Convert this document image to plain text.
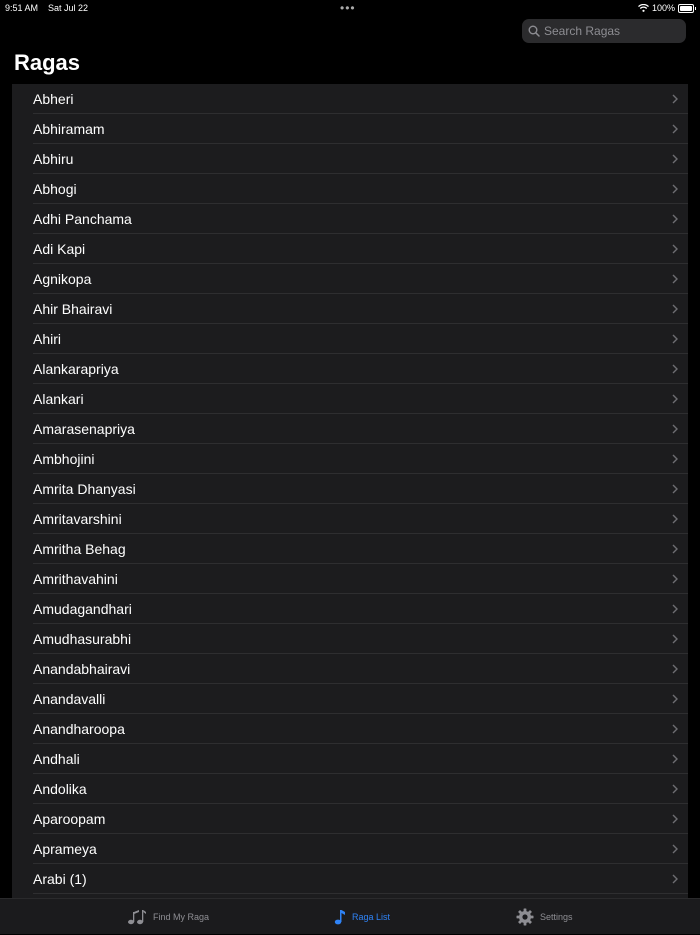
9:51 AM Sat Jul 22	•••	100%
Search Ragas
Ragas
Abheri
Abhiramam
Abhiru
Abhogi
Adhi Panchama
Adi Kapi
Agnikopa
Ahir Bhairavi
Ahiri
Alankarapriya
Alankari
Amarasenapriya
Ambhojini
Amrita Dhanyasi
Amritavarshini
Amritha Behag
Amrithavahini
Amudagandhari
Amudhasurabhi
Anandabhairavi
Anandavalli
Anandharoopa
Andhali
Andolika
Aparoopam
Aprameya
Arabi (1)
Find My Raga	Raga List	Settings
